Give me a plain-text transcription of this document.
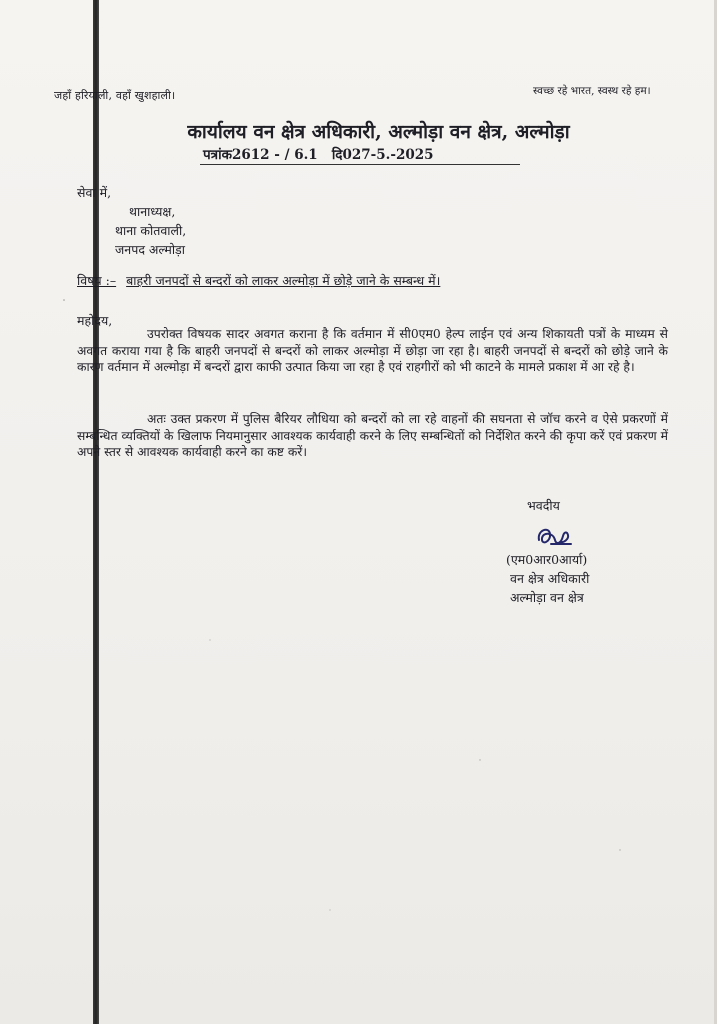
जहाँ हरियाली, वहाँ खुशहाली।	स्वच्छ रहे भारत, स्वस्थ रहे हम।
कार्यालय वन क्षेत्र अधिकारी, अल्मोड़ा वन क्षेत्र, अल्मोड़ा
पत्रांक2612 - / 6.1 दि027-5.-2025
सेवा में,
थानाध्यक्ष,
थाना कोतवाली,
जनपद अल्मोड़ा
विषय :– बाहरी जनपदों से बन्दरों को लाकर अल्मोड़ा में छोड़े जाने के सम्बन्ध में।
महोदय,

उपरोक्त विषयक सादर अवगत कराना है कि वर्तमान में सी0एम0 हेल्प लाईन एवं अन्य शिकायती पत्रों के माध्यम से अवगत कराया गया है कि बाहरी जनपदों से बन्दरों को लाकर अल्मोड़ा में छोड़ा जा रहा है। बाहरी जनपदों से बन्दरों को छोड़े जाने के कारण वर्तमान में अल्मोड़ा में बन्दरों द्वारा काफी उत्पात किया जा रहा है एवं राहगीरों को भी काटने के मामले प्रकाश में आ रहे है।

अतः उक्त प्रकरण में पुलिस बैरियर लौधिया को बन्दरों को ला रहे वाहनों की सघनता से जॉच करने व ऐसे प्रकरणों में सम्बन्धित व्यक्तियों के खिलाफ नियमानुसार आवश्यक कार्यवाही करने के लिए सम्बन्धितों को निर्देशित करने की कृपा करें एवं प्रकरण में अपने स्तर से आवश्यक कार्यवाही करने का कष्ट करें।

भवदीय
(एम0आर0आर्या)
वन क्षेत्र अधिकारी
अल्मोड़ा वन क्षेत्र
